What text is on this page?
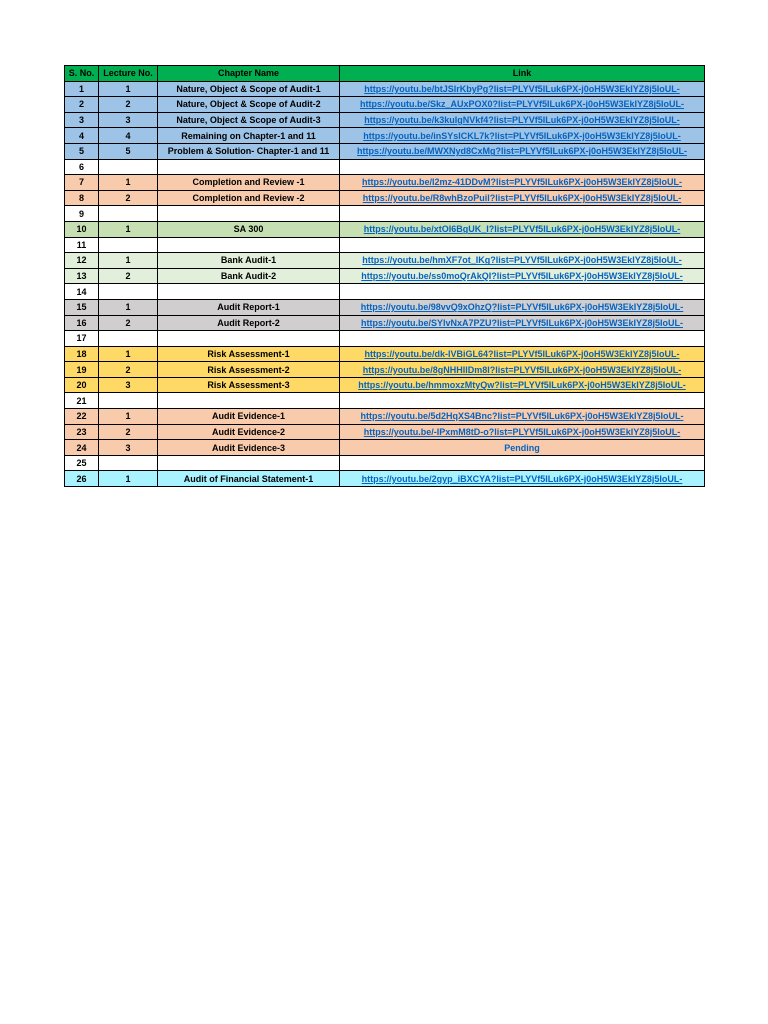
S. No.	Lecture No.	Chapter Name	Link
1	1	Nature, Object & Scope of Audit-1	https://youtu.be/btJSlrKbyPg?list=PLYVf5ILuk6PX-j0oH5W3EkIYZ8j5IoUL-
2	2	Nature, Object & Scope of Audit-2	https://youtu.be/Skz_AUxPOX0?list=PLYVf5ILuk6PX-j0oH5W3EkIYZ8j5IoUL-
3	3	Nature, Object & Scope of Audit-3	https://youtu.be/k3kulgNVkf4?list=PLYVf5ILuk6PX-j0oH5W3EkIYZ8j5IoUL-
4	4	Remaining on Chapter-1 and 11	https://youtu.be/inSYsICKL7k?list=PLYVf5ILuk6PX-j0oH5W3EkIYZ8j5IoUL-
5	5	Problem & Solution- Chapter-1 and 11	https://youtu.be/MWXNyd8CxMg?list=PLYVf5ILuk6PX-j0oH5W3EkIYZ8j5IoUL-
6			
7	1	Completion and Review -1	https://youtu.be/I2mz-41DDvM?list=PLYVf5ILuk6PX-j0oH5W3EkIYZ8j5IoUL-
8	2	Completion and Review -2	https://youtu.be/R8whBzoPuil?list=PLYVf5ILuk6PX-j0oH5W3EkIYZ8j5IoUL-
9			
10	1	SA 300	https://youtu.be/xtOI6BgUK_I?list=PLYVf5ILuk6PX-j0oH5W3EkIYZ8j5IoUL-
11			
12	1	Bank Audit-1	https://youtu.be/hmXF7ot_IKg?list=PLYVf5ILuk6PX-j0oH5W3EkIYZ8j5IoUL-
13	2	Bank Audit-2	https://youtu.be/ss0moQrAkQI?list=PLYVf5ILuk6PX-j0oH5W3EkIYZ8j5IoUL-
14			
15	1	Audit Report-1	https://youtu.be/98vvQ9xOhzQ?list=PLYVf5ILuk6PX-j0oH5W3EkIYZ8j5IoUL-
16	2	Audit Report-2	https://youtu.be/SYlvNxA7PZU?list=PLYVf5ILuk6PX-j0oH5W3EkIYZ8j5IoUL-
17			
18	1	Risk Assessment-1	https://youtu.be/dk-IVBiGL64?list=PLYVf5ILuk6PX-j0oH5W3EkIYZ8j5IoUL-
19	2	Risk Assessment-2	https://youtu.be/8gNHHIlDm8I?list=PLYVf5ILuk6PX-j0oH5W3EkIYZ8j5IoUL-
20	3	Risk Assessment-3	https://youtu.be/hmmoxzMtyQw?list=PLYVf5ILuk6PX-j0oH5W3EkIYZ8j5IoUL-
21			
22	1	Audit Evidence-1	https://youtu.be/5d2HqXS4Bnc?list=PLYVf5ILuk6PX-j0oH5W3EkIYZ8j5IoUL-
23	2	Audit Evidence-2	https://youtu.be/-IPxmM8tD-o?list=PLYVf5ILuk6PX-j0oH5W3EkIYZ8j5IoUL-
24	3	Audit Evidence-3	Pending
25			
26	1	Audit of Financial Statement-1	https://youtu.be/2gyp_iBXCYA?list=PLYVf5ILuk6PX-j0oH5W3EkIYZ8j5IoUL-
